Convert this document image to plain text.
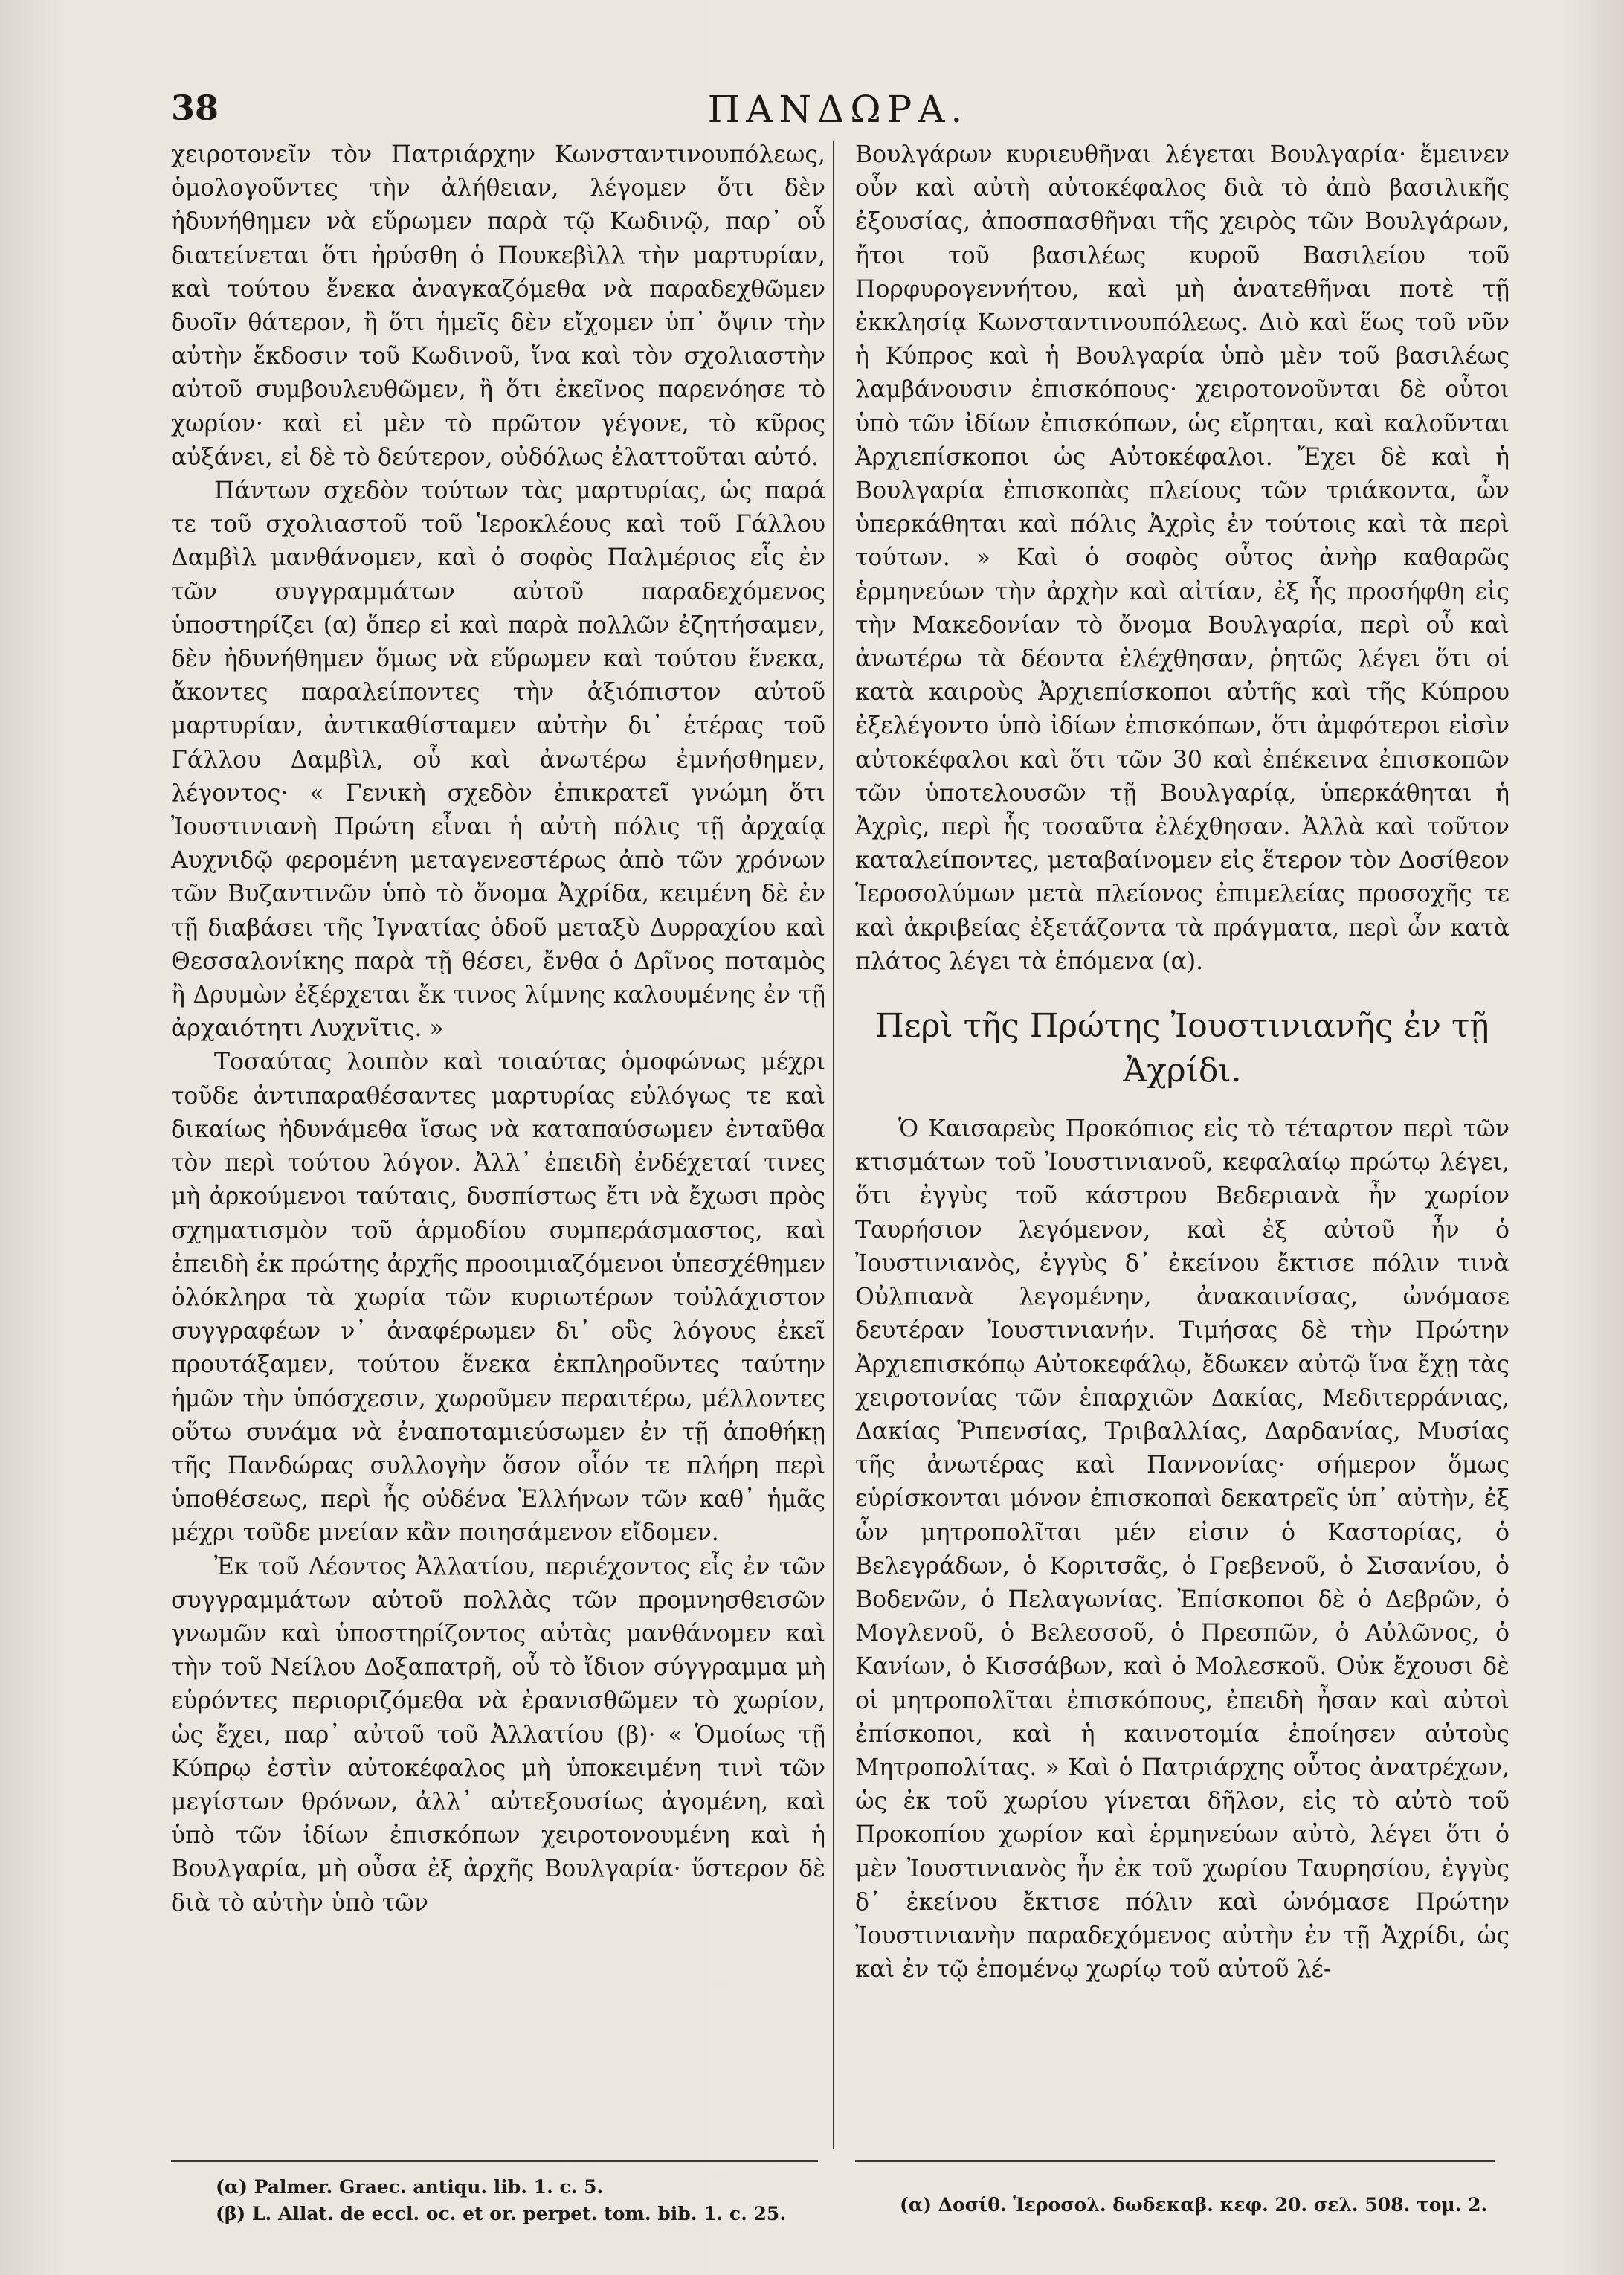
38	ΠΑΝΔΩΡΑ.

χειροτονεῖν τὸν Πατριάρχην Κωνσταντινουπόλεως, ὁμολογοῦντες τὴν ἀλήθειαν, λέγομεν ὅτι δὲν ἠδυνήθημεν νὰ εὕρωμεν παρὰ τῷ Κωδινῷ, παρ᾽ οὗ διατείνεται ὅτι ἠρύσθη ὁ Πουκεβὶλλ τὴν μαρτυρίαν, καὶ τούτου ἕνεκα ἀναγκαζόμεθα νὰ παραδεχθῶμεν δυοῖν θάτερον, ἢ ὅτι ἡμεῖς δὲν εἴχομεν ὑπ᾽ ὄψιν τὴν αὐτὴν ἔκδοσιν τοῦ Κωδινοῦ, ἵνα καὶ τὸν σχολιαστὴν αὐτοῦ συμβουλευθῶμεν, ἢ ὅτι ἐκεῖνος παρενόησε τὸ χωρίον· καὶ εἰ μὲν τὸ πρῶτον γέγονε, τὸ κῦρος αὐξάνει, εἰ δὲ τὸ δεύτερον, οὐδόλως ἐλαττοῦται αὐτό.

Πάντων σχεδὸν τούτων τὰς μαρτυρίας, ὡς παρά τε τοῦ σχολιαστοῦ τοῦ Ἱεροκλέους καὶ τοῦ Γάλλου Δαμβὶλ μανθάνομεν, καὶ ὁ σοφὸς Παλμέριος εἷς ἐν τῶν συγγραμμάτων αὐτοῦ παραδεχόμενος ὑποστηρίζει (α) ὅπερ εἰ καὶ παρὰ πολλῶν ἐζητήσαμεν, δὲν ἠδυνήθημεν ὅμως νὰ εὕρωμεν καὶ τούτου ἕνεκα, ἄκοντες παραλείποντες τὴν ἀξιόπιστον αὐτοῦ μαρτυρίαν, ἀντικαθίσταμεν αὐτὴν δι᾽ ἑτέρας τοῦ Γάλλου Δαμβὶλ, οὗ καὶ ἀνωτέρω ἐμνήσθημεν, λέγοντος· « Γενικὴ σχεδὸν ἐπικρατεῖ γνώμη ὅτι Ἰουστινιανὴ Πρώτη εἶναι ἡ αὐτὴ πόλις τῇ ἀρχαίᾳ Αυχνιδῷ φερομένη μεταγενεστέρως ἀπὸ τῶν χρόνων τῶν Βυζαντινῶν ὑπὸ τὸ ὄνομα Ἀχρίδα, κειμένη δὲ ἐν τῇ διαβάσει τῆς Ἰγνατίας ὁδοῦ μεταξὺ Δυρραχίου καὶ Θεσσαλονίκης παρὰ τῇ θέσει, ἔνθα ὁ Δρῖνος ποταμὸς ἢ Δρυμὼν ἐξέρχεται ἔκ τινος λίμνης καλουμένης ἐν τῇ ἀρχαιότητι Λυχνῖτις. »

Τοσαύτας λοιπὸν καὶ τοιαύτας ὁμοφώνως μέχρι τοῦδε ἀντιπαραθέσαντες μαρτυρίας εὐλόγως τε καὶ δικαίως ἠδυνάμεθα ἴσως νὰ καταπαύσωμεν ἐνταῦθα τὸν περὶ τούτου λόγον. Ἀλλ᾽ ἐπειδὴ ἐνδέχεταί τινες μὴ ἀρκούμενοι ταύταις, δυσπίστως ἔτι νὰ ἔχωσι πρὸς σχηματισμὸν τοῦ ἁρμοδίου συμπεράσμαστος, καὶ ἐπειδὴ ἐκ πρώτης ἀρχῆς προοιμιαζόμενοι ὑπεσχέθημεν ὁλόκληρα τὰ χωρία τῶν κυριωτέρων τοὐλάχιστον συγγραφέων ν᾽ ἀναφέρωμεν δι᾽ οὓς λόγους ἐκεῖ προυτάξαμεν, τούτου ἕνεκα ἐκπληροῦντες ταύτην ἡμῶν τὴν ὑπόσχεσιν, χωροῦμεν περαιτέρω, μέλλοντες οὕτω συνάμα νὰ ἐναποταμιεύσωμεν ἐν τῇ ἀποθήκῃ τῆς Πανδώρας συλλογὴν ὅσον οἷόν τε πλήρη περὶ ὑποθέσεως, περὶ ἧς οὐδένα Ἑλλήνων τῶν καθ᾽ ἡμᾶς μέχρι τοῦδε μνείαν κἂν ποιησάμενον εἴδομεν.

Ἐκ τοῦ Λέοντος Ἀλλατίου, περιέχοντος εἷς ἐν τῶν συγγραμμάτων αὐτοῦ πολλὰς τῶν προμνησθεισῶν γνωμῶν καὶ ὑποστηρίζοντος αὐτὰς μανθάνομεν καὶ τὴν τοῦ Νείλου Δοξαπατρῆ, οὗ τὸ ἴδιον σύγγραμμα μὴ εὑρόντες περιοριζόμεθα νὰ ἐρανισθῶμεν τὸ χωρίον, ὡς ἔχει, παρ᾽ αὐτοῦ τοῦ Ἀλλατίου (β)· « Ὁμοίως τῇ Κύπρῳ ἐστὶν αὐτοκέφαλος μὴ ὑποκειμένη τινὶ τῶν μεγίστων θρόνων, ἀλλ᾽ αὐτεξουσίως ἀγομένη, καὶ ὑπὸ τῶν ἰδίων ἐπισκόπων χειροτονουμένη καὶ ἡ Βουλγαρία, μὴ οὖσα ἐξ ἀρχῆς Βουλγαρία· ὕστερον δὲ διὰ τὸ αὐτὴν ὑπὸ τῶν

Βουλγάρων κυριευθῆναι λέγεται Βουλγαρία· ἔμεινεν οὖν καὶ αὐτὴ αὐτοκέφαλος διὰ τὸ ἀπὸ βασιλικῆς ἐξουσίας, ἀποσπασθῆναι τῆς χειρὸς τῶν Βουλγάρων, ἤτοι τοῦ βασιλέως κυροῦ Βασιλείου τοῦ Πορφυρογεννήτου, καὶ μὴ ἀνατεθῆναι ποτὲ τῇ ἐκκλησίᾳ Κωνσταντινουπόλεως. Διὸ καὶ ἕως τοῦ νῦν ἡ Κύπρος καὶ ἡ Βουλγαρία ὑπὸ μὲν τοῦ βασιλέως λαμβάνουσιν ἐπισκόπους· χειροτονοῦνται δὲ οὗτοι ὑπὸ τῶν ἰδίων ἐπισκόπων, ὡς εἴρηται, καὶ καλοῦνται Ἀρχιεπίσκοποι ὡς Αὐτοκέφαλοι. Ἔχει δὲ καὶ ἡ Βουλγαρία ἐπισκοπὰς πλείους τῶν τριάκοντα, ὧν ὑπερκάθηται καὶ πόλις Ἀχρὶς ἐν τούτοις καὶ τὰ περὶ τούτων. » Καὶ ὁ σοφὸς οὗτος ἀνὴρ καθαρῶς ἑρμηνεύων τὴν ἀρχὴν καὶ αἰτίαν, ἐξ ἧς προσήφθη εἰς τὴν Μακεδονίαν τὸ ὄνομα Βουλγαρία, περὶ οὗ καὶ ἀνωτέρω τὰ δέοντα ἐλέχθησαν, ῥητῶς λέγει ὅτι οἱ κατὰ καιροὺς Ἀρχιεπίσκοποι αὐτῆς καὶ τῆς Κύπρου ἐξελέγοντο ὑπὸ ἰδίων ἐπισκόπων, ὅτι ἀμφότεροι εἰσὶν αὐτοκέφαλοι καὶ ὅτι τῶν 30 καὶ ἐπέκεινα ἐπισκοπῶν τῶν ὑποτελουσῶν τῇ Βουλγαρίᾳ, ὑπερκάθηται ἡ Ἀχρὶς, περὶ ἧς τοσαῦτα ἐλέχθησαν. Ἀλλὰ καὶ τοῦτον καταλείποντες, μεταβαίνομεν εἰς ἕτερον τὸν Δοσίθεον Ἱεροσολύμων μετὰ πλείονος ἐπιμελείας προσοχῆς τε καὶ ἀκριβείας ἐξετάζοντα τὰ πράγματα, περὶ ὧν κατὰ πλάτος λέγει τὰ ἑπόμενα (α).

Περὶ τῆς Πρώτης Ἰουστινιανῆς ἐν τῇ Ἀχρίδι.

Ὁ Καισαρεὺς Προκόπιος εἰς τὸ τέταρτον περὶ τῶν κτισμάτων τοῦ Ἰουστινιανοῦ, κεφαλαίῳ πρώτῳ λέγει, ὅτι ἐγγὺς τοῦ κάστρου Βεδεριανὰ ἦν χωρίον Ταυρήσιον λεγόμενον, καὶ ἐξ αὐτοῦ ἦν ὁ Ἰουστινιανὸς, ἐγγὺς δ᾽ ἐκείνου ἔκτισε πόλιν τινὰ Οὐλπιανὰ λεγομένην, ἀνακαινίσας, ὠνόμασε δευτέραν Ἰουστινιανήν. Τιμήσας δὲ τὴν Πρώτην Ἀρχιεπισκόπῳ Αὐτοκεφάλῳ, ἔδωκεν αὐτῷ ἵνα ἔχῃ τὰς χειροτονίας τῶν ἐπαρχιῶν Δακίας, Μεδιτερράνιας, Δακίας Ῥιπενσίας, Τριβαλλίας, Δαρδανίας, Μυσίας τῆς ἀνωτέρας καὶ Παννονίας· σήμερον ὅμως εὑρίσκονται μόνον ἐπισκοπαὶ δεκατρεῖς ὑπ᾽ αὐτὴν, ἐξ ὧν μητροπολῖται μέν εἰσιν ὁ Καστορίας, ὁ Βελεγράδων, ὁ Κοριτσᾶς, ὁ Γρεβενοῦ, ὁ Σισανίου, ὁ Βοδενῶν, ὁ Πελαγωνίας. Ἐπίσκοποι δὲ ὁ Δεβρῶν, ὁ Μογλενοῦ, ὁ Βελεσσοῦ, ὁ Πρεσπῶν, ὁ Αὐλῶνος, ὁ Κανίων, ὁ Κισσάβων, καὶ ὁ Μολεσκοῦ. Οὐκ ἔχουσι δὲ οἱ μητροπολῖται ἐπισκόπους, ἐπειδὴ ἦσαν καὶ αὐτοὶ ἐπίσκοποι, καὶ ἡ καινοτομία ἐποίησεν αὐτοὺς Μητροπολίτας. » Καὶ ὁ Πατριάρχης οὗτος ἀνατρέχων, ὡς ἐκ τοῦ χωρίου γίνεται δῆλον, εἰς τὸ αὐτὸ τοῦ Προκοπίου χωρίον καὶ ἑρμηνεύων αὐτὸ, λέγει ὅτι ὁ μὲν Ἰουστινιανὸς ἦν ἐκ τοῦ χωρίου Ταυρησίου, ἐγγὺς δ᾽ ἐκείνου ἔκτισε πόλιν καὶ ὠνόμασε Πρώτην Ἰουστινιανὴν παραδεχόμενος αὐτὴν ἐν τῇ Ἀχρίδι, ὡς καὶ ἐν τῷ ἑπομένῳ χωρίῳ τοῦ αὐτοῦ λέ-

(α) Palmer. Graec. antiqu. lib. 1. c. 5.

(β) L. Allat. de eccl. oc. et or. perpet. tom. bib. 1. c. 25.	(α) Δοσίθ. Ἱεροσολ. δωδεκαβ. κεφ. 20. σελ. 508. τομ. 2.
